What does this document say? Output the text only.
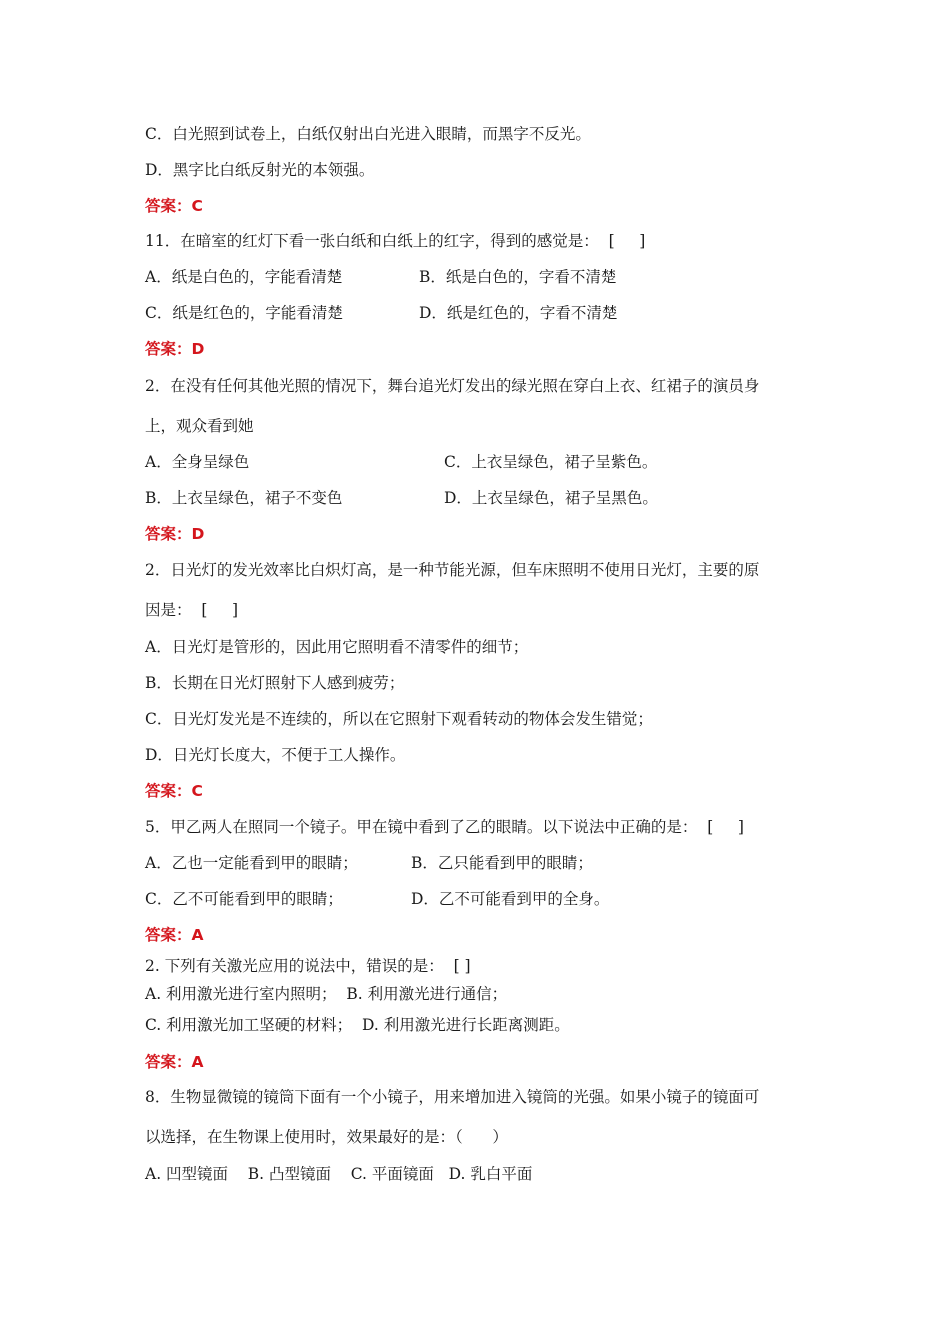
C．白光照到试卷上，白纸仅射出白光进入眼睛，而黑字不反光。
D．黑字比白纸反射光的本领强。
答案：C
11．在暗室的红灯下看一张白纸和白纸上的红字，得到的感觉是：  [     ]
A．纸是白色的，字能看清楚	B．纸是白色的，字看不清楚
C．纸是红色的，字能看清楚	D．纸是红色的，字看不清楚
答案：D
2．在没有任何其他光照的情况下，舞台追光灯发出的绿光照在穿白上衣、红裙子的演员身
上，观众看到她
A．全身呈绿色	C．上衣呈绿色，裙子呈紫色。
B．上衣呈绿色，裙子不变色	D．上衣呈绿色，裙子呈黑色。
答案：D
2．日光灯的发光效率比白炽灯高，是一种节能光源，但车床照明不使用日光灯，主要的原
因是：  [     ]
A．日光灯是管形的，因此用它照明看不清零件的细节；
B．长期在日光灯照射下人感到疲劳；
C．日光灯发光是不连续的，所以在它照射下观看转动的物体会发生错觉；
D．日光灯长度大，不便于工人操作。
答案：C
5．甲乙两人在照同一个镜子。甲在镜中看到了乙的眼睛。以下说法中正确的是：  [     ]
A．乙也一定能看到甲的眼睛；	B．乙只能看到甲的眼睛；
C．乙不可能看到甲的眼睛；	D．乙不可能看到甲的全身。
答案：A
2. 下列有关激光应用的说法中，错误的是：  [ ]
A. 利用激光进行室内照明；  B. 利用激光进行通信；
C. 利用激光加工坚硬的材料；  D. 利用激光进行长距离测距。
答案：A
8．生物显微镜的镜筒下面有一个小镜子，用来增加进入镜筒的光强。如果小镜子的镜面可
以选择，在生物课上使用时，效果最好的是：（      ）
A. 凹型镜面    B. 凸型镜面    C. 平面镜面   D. 乳白平面
